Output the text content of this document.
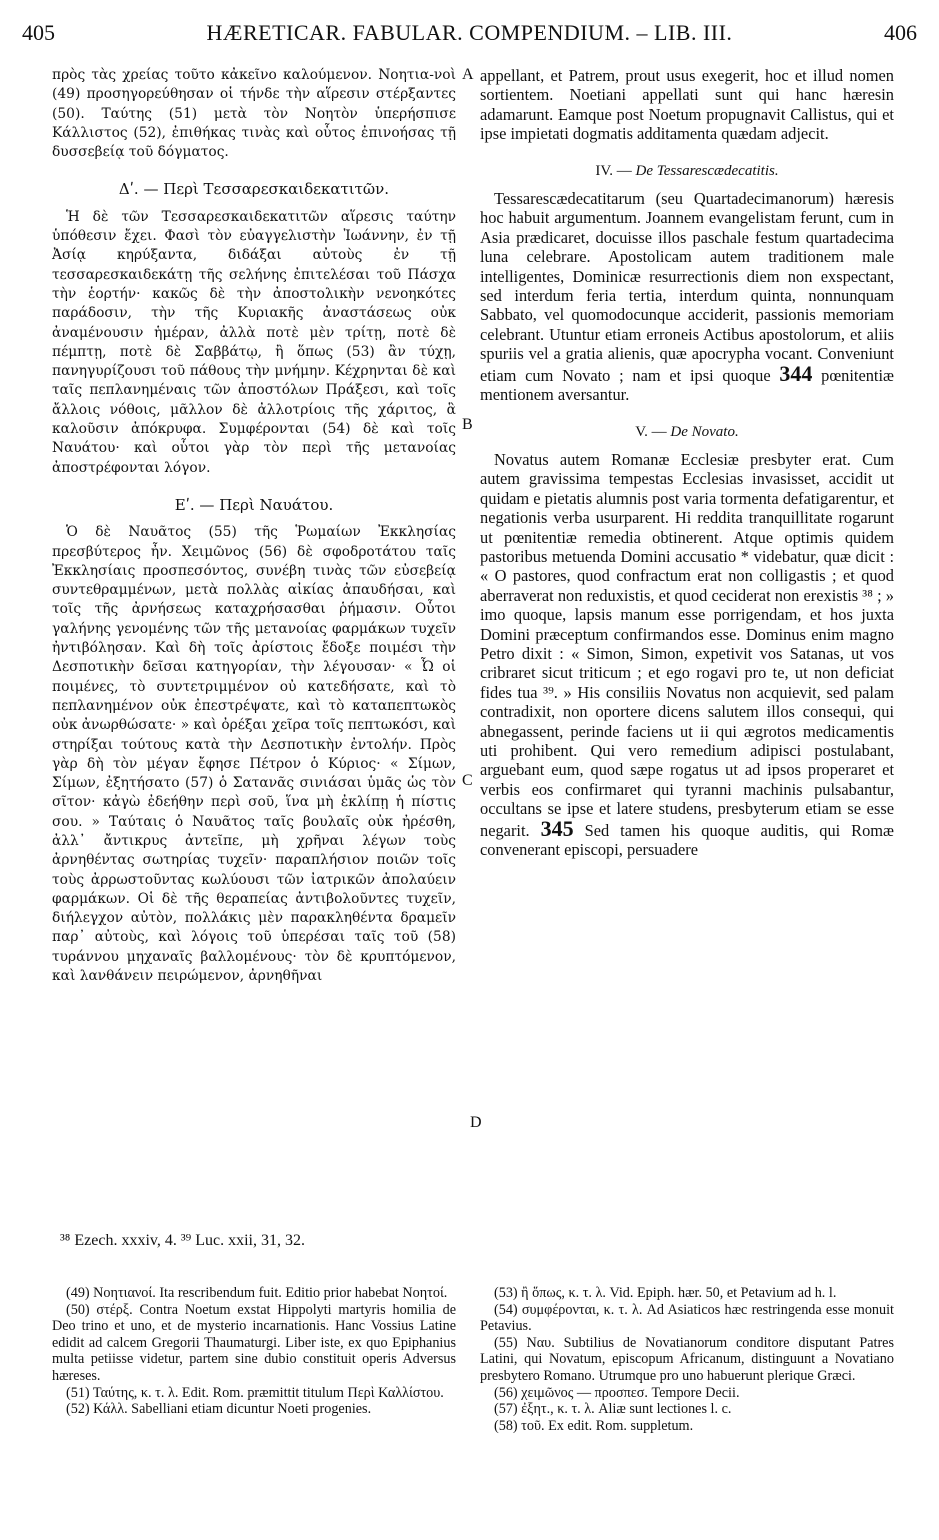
405	HÆRETICAR. FABULAR. COMPENDIUM. – LIB. III.	406

πρὸς τὰς χρείας τοῦτο κἀκεῖνο καλούμενον. Νοητια-νοὶ (49) προσηγορεύθησαν οἱ τήνδε τὴν αἵρεσιν στέρξαντες (50). Ταύτης (51) μετὰ τὸν Νοητὸν ὑπερήσπισε Κάλλιστος (52), ἐπιθήκας τινὰς καὶ οὗτος ἐπινοήσας τῇ δυσσεβείᾳ τοῦ δόγματος.

Δʹ. — Περὶ Τεσσαρεσκαιδεκατιτῶν.

Ἡ δὲ τῶν Τεσσαρεσκαιδεκατιτῶν αἵρεσις ταύτην ὑπόθεσιν ἔχει. Φασὶ τὸν εὐαγγελιστὴν Ἰωάννην, ἐν τῇ Ἀσίᾳ κηρύξαντα, διδάξαι αὐτοὺς ἐν τῇ τεσσαρεσκαιδεκάτῃ τῆς σελήνης ἐπιτελέσαι τοῦ Πάσχα τὴν ἑορτήν· κακῶς δὲ τὴν ἀποστολικὴν νενοηκότες παράδοσιν, τὴν τῆς Κυριακῆς ἀναστάσεως οὐκ ἀναμένουσιν ἡμέραν, ἀλλὰ ποτὲ μὲν τρίτῃ, ποτὲ δὲ πέμπτῃ, ποτὲ δὲ Σαββάτῳ, ἢ ὅπως (53) ἂν τύχῃ, πανηγυρίζουσι τοῦ πάθους τὴν μνήμην. Κέχρηνται δὲ καὶ ταῖς πεπλανημέναις τῶν ἀποστόλων Πράξεσι, καὶ τοῖς ἄλλοις νόθοις, μᾶλλον δὲ ἀλλοτρίοις τῆς χάριτος, ἃ καλοῦσιν ἀπόκρυφα. Συμφέρονται (54) δὲ καὶ τοῖς Ναυάτου· καὶ οὗτοι γὰρ τὸν περὶ τῆς μετανοίας ἀποστρέφονται λόγον.

Εʹ. — Περὶ Ναυάτου.

Ὁ δὲ Ναυᾶτος (55) τῆς Ῥωμαίων Ἐκκλησίας πρεσβύτερος ἦν. Χειμῶνος (56) δὲ σφοδροτάτου ταῖς Ἐκκλησίαις προσπεσόντος, συνέβη τινὰς τῶν εὐσεβείᾳ συντεθραμμένων, μετὰ πολλὰς αἰκίας ἀπαυδήσαι, καὶ τοῖς τῆς ἀρνήσεως καταχρήσασθαι ῥήμασιν. Οὗτοι γαλήνης γενομένης τῶν τῆς μετανοίας φαρμάκων τυχεῖν ἠντιβόλησαν. Καὶ δὴ τοῖς ἀρίστοις ἔδοξε ποιμέσι τὴν Δεσποτικὴν δεῖσαι κατηγορίαν, τὴν λέγουσαν· « Ὦ οἱ ποιμένες, τὸ συντετριμμένον οὐ κατεδήσατε, καὶ τὸ πεπλανημένον οὐκ ἐπεστρέψατε, καὶ τὸ καταπεπτωκὸς οὐκ ἀνωρθώσατε· » καὶ ὀρέξαι χεῖρα τοῖς πεπτωκόσι, καὶ στηρίξαι τούτους κατὰ τὴν Δεσποτικὴν ἐντολήν. Πρὸς γὰρ δὴ τὸν μέγαν ἔφησε Πέτρον ὁ Κύριος· « Σίμων, Σίμων, ἐξητήσατο (57) ὁ Σατανᾶς σινιάσαι ὑμᾶς ὡς τὸν σῖτον· κἀγὼ ἐδεήθην περὶ σοῦ, ἵνα μὴ ἐκλίπῃ ἡ πίστις σου. » Ταύταις ὁ Ναυᾶτος ταῖς βουλαῖς οὐκ ἠρέσθη, ἀλλ᾽ ἄντικρυς ἀντεῖπε, μὴ χρῆναι λέγων τοὺς ἀρνηθέντας σωτηρίας τυχεῖν· παραπλήσιον ποιῶν τοῖς τοὺς ἀρρωστοῦντας κωλύουσι τῶν ἰατρικῶν ἀπολαύειν φαρμάκων. Οἱ δὲ τῆς θεραπείας ἀντιβολοῦντες τυχεῖν, διήλεγχον αὐτὸν, πολλάκις μὲν παρακληθέντα δραμεῖν παρ᾽ αὐτοὺς, καὶ λόγοις τοῦ ὑπερέσαι ταῖς τοῦ (58) τυράννου μηχαναῖς βαλλομένους· τὸν δὲ κρυπτόμενον, καὶ λανθάνειν πειρώμενον, ἀρνηθῆναι

A
B
C
D

appellant, et Patrem, prout usus exegerit, hoc et illud nomen sortientem. Noetiani appellati sunt qui hanc hæresin adamarunt. Eamque post Noetum propugnavit Callistus, qui et ipse impietati dogmatis additamenta quædam adjecit.

IV. — De Tessarescædecatitis.

Tessarescædecatitarum (seu Quartadecimanorum) hæresis hoc habuit argumentum. Joannem evangelistam ferunt, cum in Asia prædicaret, docuisse illos paschale festum quartadecima luna celebrare. Apostolicam autem traditionem male intelligentes, Dominicæ resurrectionis diem non exspectant, sed interdum feria tertia, interdum quinta, nonnunquam Sabbato, vel quomodocunque acciderit, passionis memoriam celebrant. Utuntur etiam erroneis Actibus apostolorum, et aliis spuriis vel a gratia alienis, quæ apocrypha vocant. Conveniunt etiam cum Novato ; nam et ipsi quoque 344 pœnitentiæ mentionem aversantur.

V. — De Novato.

Novatus autem Romanæ Ecclesiæ presbyter erat. Cum autem gravissima tempestas Ecclesias invasisset, accidit ut quidam e pietatis alumnis post varia tormenta defatigarentur, et negationis verba usurparent. Hi reddita tranquillitate rogarunt ut pœnitentiæ remedia obtinerent. Atque optimis quidem pastoribus metuenda Domini accusatio * videbatur, quæ dicit : « O pastores, quod confractum erat non colligastis ; et quod aberraverat non reduxistis, et quod ceciderat non erexistis ³⁸ ; » imo quoque, lapsis manum esse porrigendam, et hos juxta Domini præceptum confirmandos esse. Dominus enim magno Petro dixit : « Simon, Simon, expetivit vos Satanas, ut vos cribraret sicut triticum ; et ego rogavi pro te, ut non deficiat fides tua ³⁹. » His consiliis Novatus non acquievit, sed palam contradixit, non oportere dicens salutem illos consequi, qui abnegassent, perinde faciens ut ii qui ægrotos medicamentis uti prohibent. Qui vero remedium adipisci postulabant, arguebant eum, quod sæpe rogatus ut ad ipsos properaret et verbis eos confirmaret qui tyranni machinis pulsabantur, occultans se ipse et latere studens, presbyterum etiam se esse negarit. 345 Sed tamen his quoque auditis, qui Romæ convenerant episcopi, persuadere

³⁸ Ezech. xxxiv, 4. ³⁹ Luc. xxii, 31, 32.

(49) Νοητιανοί. Ita rescribendum fuit. Editio prior habebat Νοητοί.

(50) στέρξ. Contra Noetum exstat Hippolyti martyris homilia de Deo trino et uno, et de mysterio incarnationis. Hanc Vossius Latine edidit ad calcem Gregorii Thaumaturgi. Liber iste, ex quo Epiphanius multa petiisse videtur, partem sine dubio constituit operis Adversus hæreses.

(51) Ταύτης, κ. τ. λ. Edit. Rom. præmittit titulum Περὶ Καλλίστου.

(52) Κάλλ. Sabelliani etiam dicuntur Noeti progenies.

(53) ἢ ὅπως, κ. τ. λ. Vid. Epiph. hær. 50, et Petavium ad h. l.

(54) συμφέρονται, κ. τ. λ. Ad Asiaticos hæc restringenda esse monuit Petavius.

(55) Ναυ. Subtilius de Novatianorum conditore disputant Patres Latini, qui Novatum, episcopum Africanum, distinguunt a Novatiano presbytero Romano. Utrumque pro uno habuerunt plerique Græci.

(56) χειμῶνος — προσπεσ. Tempore Decii.

(57) ἐξητ., κ. τ. λ. Aliæ sunt lectiones l. c.

(58) τοῦ. Ex edit. Rom. suppletum.
